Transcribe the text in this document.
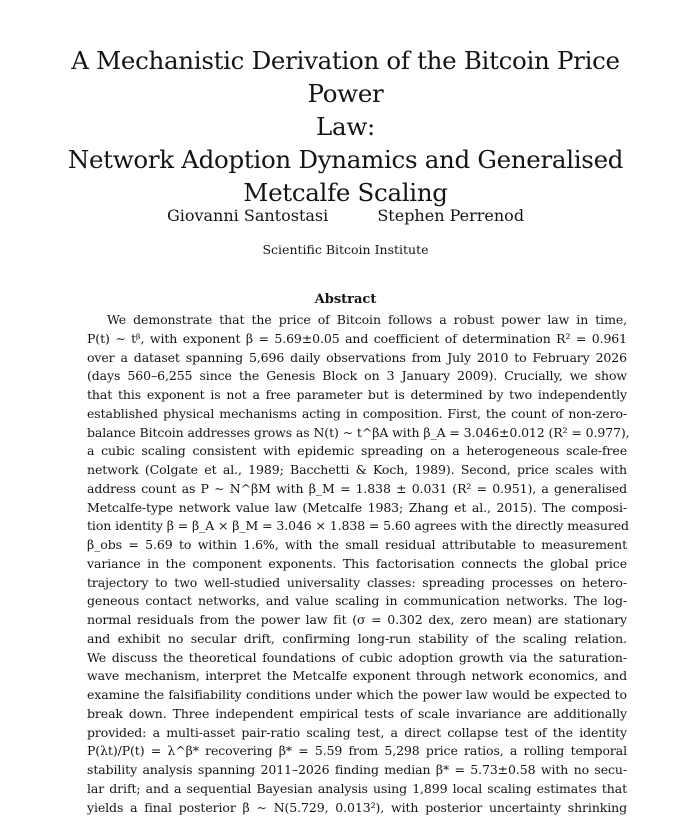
A Mechanistic Derivation of the Bitcoin Price Power
Law:
Network Adoption Dynamics and Generalised
Metcalfe Scaling
Giovanni Santostasi	Stephen Perrenod
Scientific Bitcoin Institute
Abstract
We demonstrate that the price of Bitcoin follows a robust power law in time,
P(t) ∼ tᵝ, with exponent β = 5.69±0.05 and coefficient of determination R² = 0.961
over a dataset spanning 5,696 daily observations from July 2010 to February 2026
(days 560–6,255 since the Genesis Block on 3 January 2009). Crucially, we show
that this exponent is not a free parameter but is determined by two independently
established physical mechanisms acting in composition. First, the count of non-zero-
balance Bitcoin addresses grows as N(t) ∼ t^βA with β_A = 3.046±0.012 (R² = 0.977),
a cubic scaling consistent with epidemic spreading on a heterogeneous scale-free
network (Colgate et al., 1989; Bacchetti & Koch, 1989). Second, price scales with
address count as P ∼ N^βM with β_M = 1.838 ± 0.031 (R² = 0.951), a generalised
Metcalfe-type network value law (Metcalfe 1983; Zhang et al., 2015). The composi-
tion identity β = β_A × β_M = 3.046 × 1.838 = 5.60 agrees with the directly measured
β_obs = 5.69 to within 1.6%, with the small residual attributable to measurement
variance in the component exponents. This factorisation connects the global price
trajectory to two well-studied universality classes: spreading processes on hetero-
geneous contact networks, and value scaling in communication networks. The log-
normal residuals from the power law fit (σ = 0.302 dex, zero mean) are stationary
and exhibit no secular drift, confirming long-run stability of the scaling relation.
We discuss the theoretical foundations of cubic adoption growth via the saturation-
wave mechanism, interpret the Metcalfe exponent through network economics, and
examine the falsifiability conditions under which the power law would be expected to
break down. Three independent empirical tests of scale invariance are additionally
provided: a multi-asset pair-ratio scaling test, a direct collapse test of the identity
P(λt)/P(t) = λ^β* recovering β* = 5.59 from 5,298 price ratios, a rolling temporal
stability analysis spanning 2011–2026 finding median β* = 5.73±0.58 with no secu-
lar drift; and a sequential Bayesian analysis using 1,899 local scaling estimates that
yields a final posterior β ∼ N(5.729, 0.013²), with posterior uncertainty shrinking
